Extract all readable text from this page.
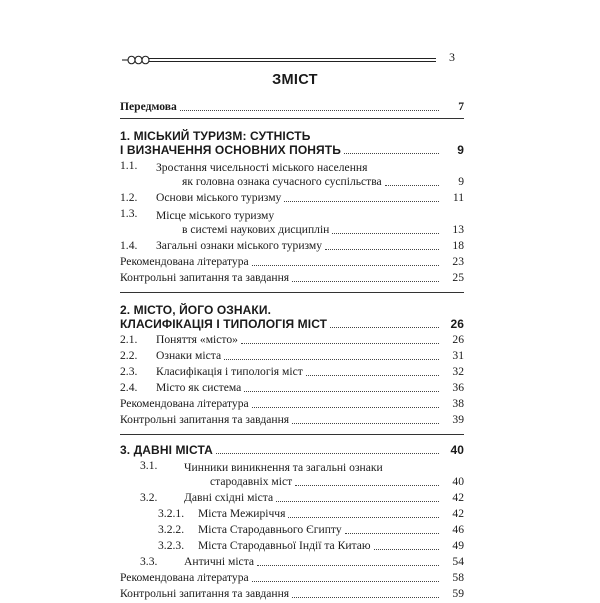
3
ЗМІСТ
Передмова	7
1. МІСЬКИЙ ТУРИЗМ: СУТНІСТЬ
І ВИЗНАЧЕННЯ ОСНОВНИХ ПОНЯТЬ	9
1.1.	Зростання чисельності міського населення
як головна ознака сучасного суспільства	9
1.2.	Основи міського туризму	11
1.3.	Місце міського туризму
в системі наукових дисциплін	13
1.4.	Загальні ознаки міського туризму	18
Рекомендована література	23
Контрольні запитання та завдання	25
2. МІСТО, ЙОГО ОЗНАКИ.
КЛАСИФІКАЦІЯ І ТИПОЛОГІЯ МІСТ	26
2.1.	Поняття «місто»	26
2.2.	Ознаки міста	31
2.3.	Класифікація і типологія міст	32
2.4.	Місто як система	36
Рекомендована література	38
Контрольні запитання та завдання	39
3. ДАВНІ МІСТА	40
3.1.	Чинники виникнення та загальні ознаки
стародавніх міст	40
3.2.	Давні східні міста	42
3.2.1.	Міста Межиріччя	42
3.2.2.	Міста Стародавнього Єгипту	46
3.2.3.	Міста Стародавньої Індії та Китаю	49
3.3.	Античні міста	54
Рекомендована література	58
Контрольні запитання та завдання	59
